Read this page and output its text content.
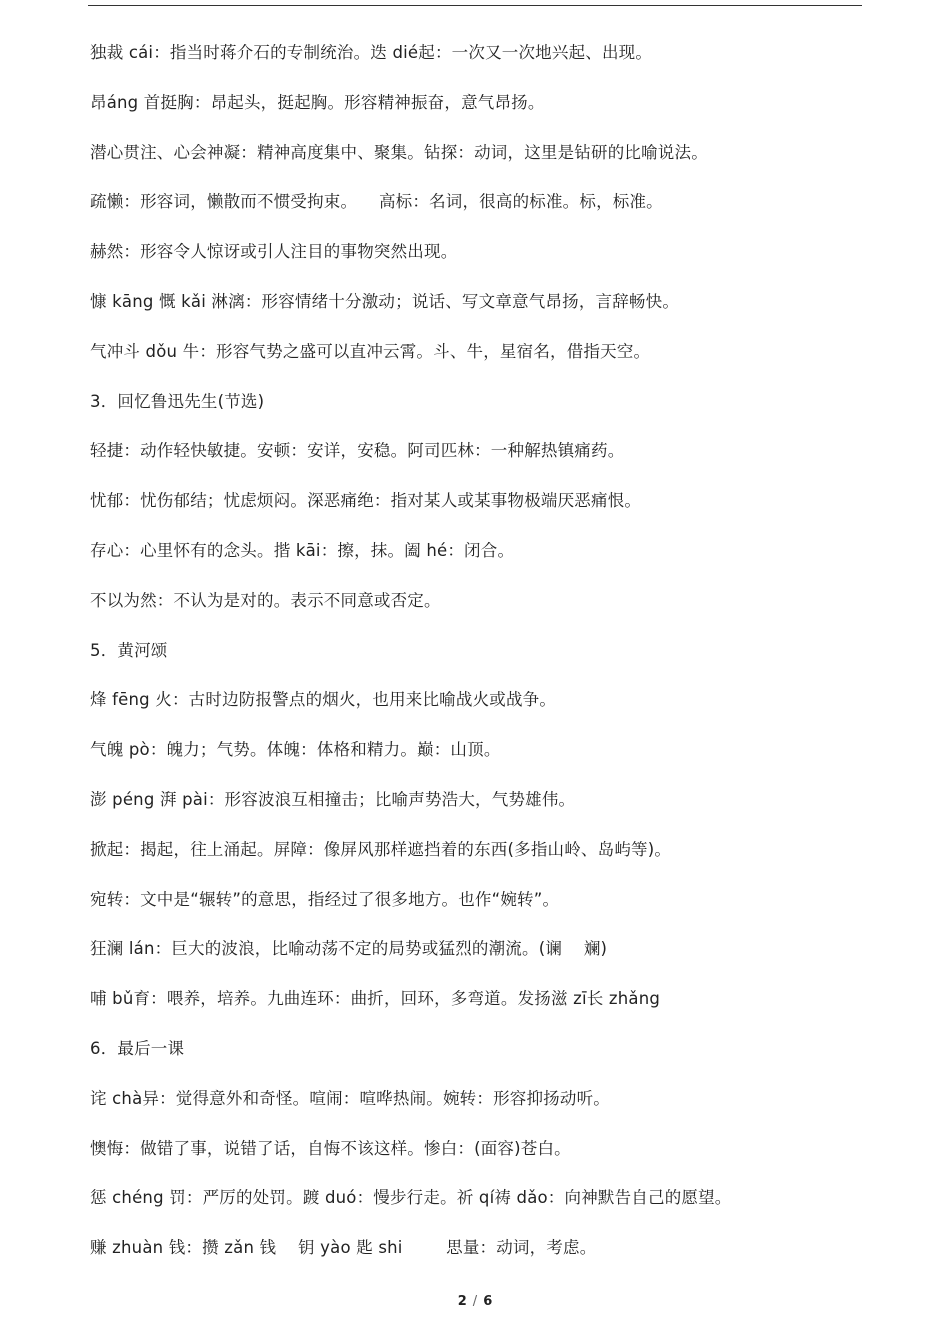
独裁 cái：指当时蒋介石的专制统治。迭 dié起：一次又一次地兴起、出现。
昂áng 首挺胸：昂起头，挺起胸。形容精神振奋，意气昂扬。
潜心贯注、心会神凝：精神高度集中、聚集。钻探：动词，这里是钻研的比喻说法。
疏懒：形容词，懒散而不惯受拘束。    高标：名词，很高的标准。标，标准。
赫然：形容令人惊讶或引人注目的事物突然出现。
慷 kāng 慨 kǎi 淋漓：形容情绪十分激动；说话、写文章意气昂扬，言辞畅快。
气冲斗 dǒu 牛：形容气势之盛可以直冲云霄。斗、牛，星宿名，借指天空。
3．回忆鲁迅先生(节选)
轻捷：动作轻快敏捷。安顿：安详，安稳。阿司匹林：一种解热镇痛药。
忧郁：忧伤郁结；忧虑烦闷。深恶痛绝：指对某人或某事物极端厌恶痛恨。
存心：心里怀有的念头。揩 kāi：擦，抹。阖 hé：闭合。
不以为然：不认为是对的。表示不同意或否定。
5．黄河颂
烽 fēng 火：古时边防报警点的烟火，也用来比喻战火或战争。
气魄 pò：魄力；气势。体魄：体格和精力。巅：山顶。
澎 péng 湃 pài：形容波浪互相撞击；比喻声势浩大，气势雄伟。
掀起：揭起，往上涌起。屏障：像屏风那样遮挡着的东西(多指山岭、岛屿等)。
宛转：文中是“辗转”的意思，指经过了很多地方。也作“婉转”。
狂澜 lán：巨大的波浪，比喻动荡不定的局势或猛烈的潮流。(谰    斓)
哺 bǔ育：喂养，培养。九曲连环：曲折，回环，多弯道。发扬滋 zī长 zhǎng
6．最后一课
诧 chà异：觉得意外和奇怪。喧闹：喧哗热闹。婉转：形容抑扬动听。
懊悔：做错了事，说错了话，自悔不该这样。惨白：(面容)苍白。
惩 chéng 罚：严厉的处罚。踱 duó：慢步行走。祈 qí祷 dǎo：向神默告自己的愿望。
赚 zhuàn 钱：攒 zǎn 钱    钥 yào 匙 shi        思量：动词，考虑。
2 / 6
